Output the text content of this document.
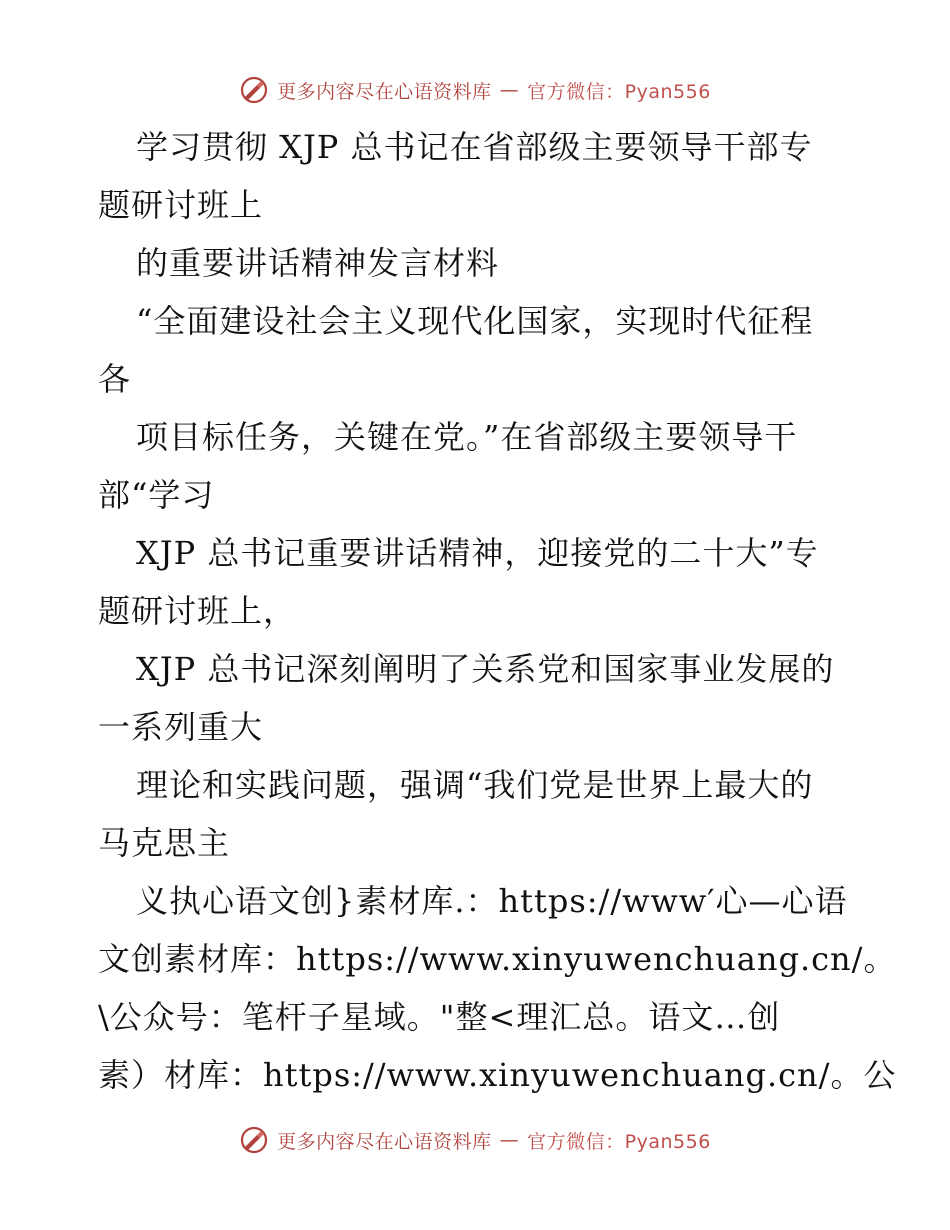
更多内容尽在心语资料库 — 官方微信：Pyan556
学习贯彻 XJP 总书记在省部级主要领导干部专
题研讨班上
的重要讲话精神发言材料
“全面建设社会主义现代化国家，实现时代征程
各
项目标任务，关键在党。”在省部级主要领导干
部“学习
XJP 总书记重要讲话精神，迎接党的二十大”专
题研讨班上，
XJP 总书记深刻阐明了关系党和国家事业发展的
一系列重大
理论和实践问题，强调“我们党是世界上最大的
马克思主
义执心语文创}素材库.：https://www′心—心语
文创素材库：https://www.xinyuwenchuang.cn/。
\公众号：笔杆子星域。"整<理汇总。语文…创
素）材库：https://www.xinyuwenchuang.cn/。公
更多内容尽在心语资料库 — 官方微信：Pyan556
